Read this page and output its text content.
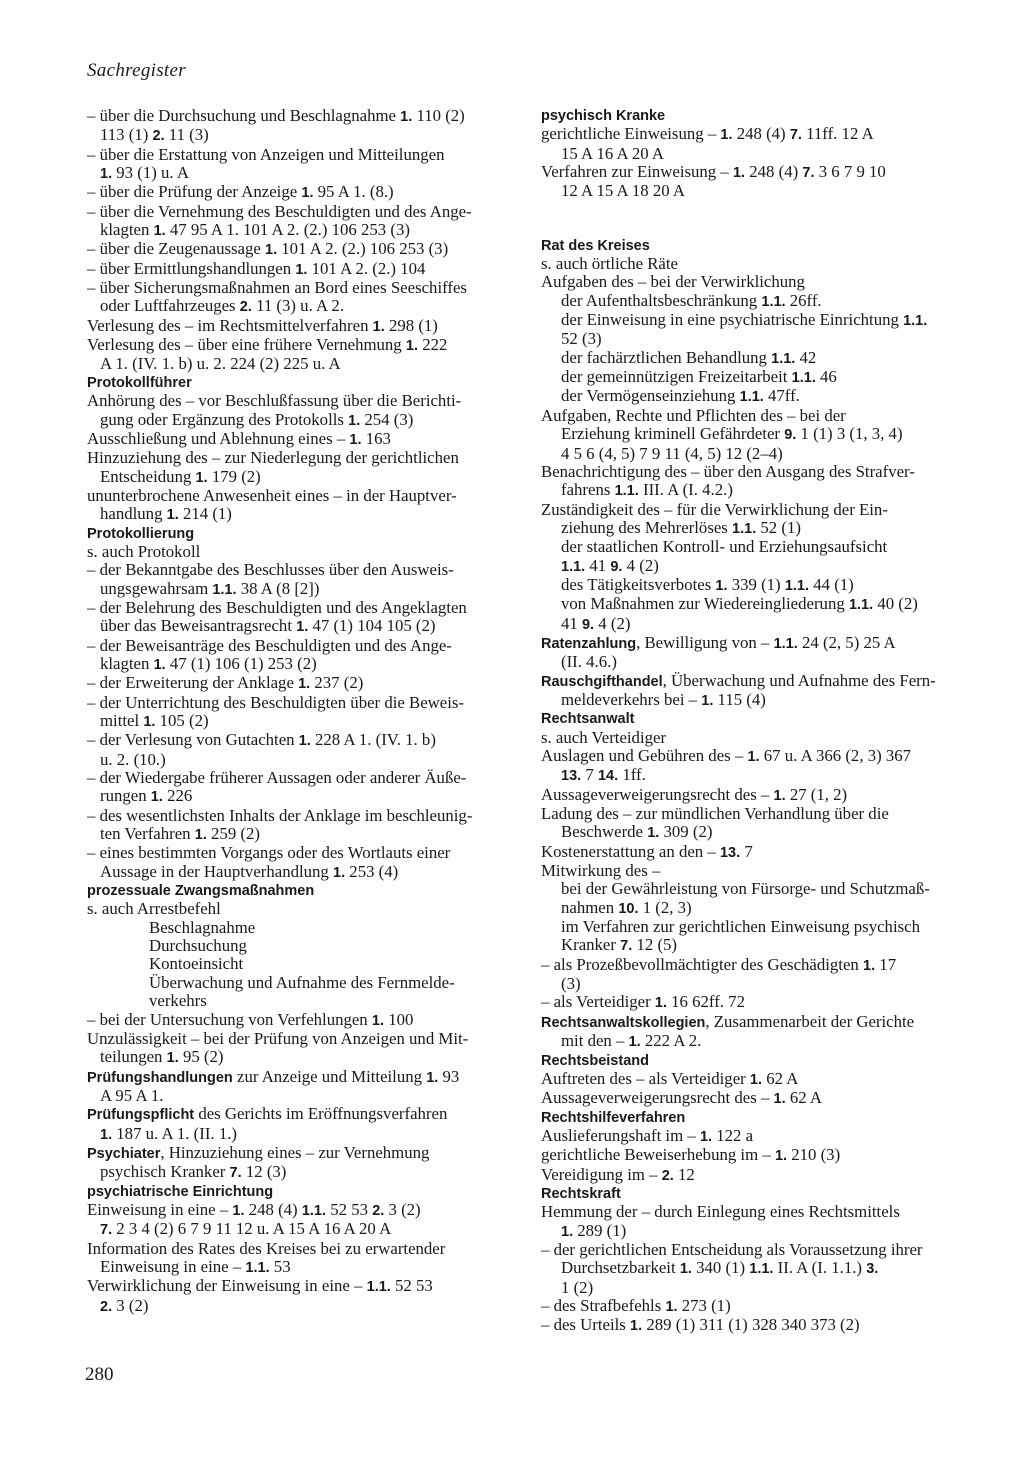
Sachregister
– über die Durchsuchung und Beschlagnahme 1. 110 (2)
113 (1) 2. 11 (3)
– über die Erstattung von Anzeigen und Mitteilungen
1. 93 (1) u. A
– über die Prüfung der Anzeige 1. 95 A 1. (8.)
– über die Vernehmung des Beschuldigten und des Ange-
klagten 1. 47 95 A 1. 101 A 2. (2.) 106 253 (3)
– über die Zeugenaussage 1. 101 A 2. (2.) 106 253 (3)
– über Ermittlungshandlungen 1. 101 A 2. (2.) 104
– über Sicherungsmaßnahmen an Bord eines Seeschiffes
oder Luftfahrzeuges 2. 11 (3) u. A 2.
Verlesung des – im Rechtsmittelverfahren 1. 298 (1)
Verlesung des – über eine frühere Vernehmung 1. 222
A 1. (IV. 1. b) u. 2. 224 (2) 225 u. A
Protokollführer
Anhörung des – vor Beschlußfassung über die Berichti-
gung oder Ergänzung des Protokolls 1. 254 (3)
Ausschließung und Ablehnung eines – 1. 163
Hinzuziehung des – zur Niederlegung der gerichtlichen
Entscheidung 1. 179 (2)
ununterbrochene Anwesenheit eines – in der Hauptver-
handlung 1. 214 (1)
Protokollierung
s. auch Protokoll
– der Bekanntgabe des Beschlusses über den Ausweis-
ungsgewahrsam 1.1. 38 A (8 [2])
– der Belehrung des Beschuldigten und des Angeklagten
über das Beweisantragsrecht 1. 47 (1) 104 105 (2)
– der Beweisanträge des Beschuldigten und des Ange-
klagten 1. 47 (1) 106 (1) 253 (2)
– der Erweiterung der Anklage 1. 237 (2)
– der Unterrichtung des Beschuldigten über die Beweis-
mittel 1. 105 (2)
– der Verlesung von Gutachten 1. 228 A 1. (IV. 1. b)
u. 2. (10.)
– der Wiedergabe früherer Aussagen oder anderer Äuße-
rungen 1. 226
– des wesentlichsten Inhalts der Anklage im beschleunig-
ten Verfahren 1. 259 (2)
– eines bestimmten Vorgangs oder des Wortlauts einer
Aussage in der Hauptverhandlung 1. 253 (4)
prozessuale Zwangsmaßnahmen
s. auch Arrestbefehl
Beschlagnahme
Durchsuchung
Kontoeinsicht
Überwachung und Aufnahme des Fernmelde-
verkehrs
– bei der Untersuchung von Verfehlungen 1. 100
Unzulässigkeit – bei der Prüfung von Anzeigen und Mit-
teilungen 1. 95 (2)
Prüfungshandlungen zur Anzeige und Mitteilung 1. 93
A 95 A 1.
Prüfungspflicht des Gerichts im Eröffnungsverfahren
1. 187 u. A 1. (II. 1.)
Psychiater, Hinzuziehung eines – zur Vernehmung
psychisch Kranker 7. 12 (3)
psychiatrische Einrichtung
Einweisung in eine – 1. 248 (4) 1.1. 52 53 2. 3 (2)
7. 2 3 4 (2) 6 7 9 11 12 u. A 15 A 16 A 20 A
Information des Rates des Kreises bei zu erwartender
Einweisung in eine – 1.1. 53
Verwirklichung der Einweisung in eine – 1.1. 52 53
2. 3 (2)
psychisch Kranke
gerichtliche Einweisung – 1. 248 (4) 7. 11ff. 12 A
15 A 16 A 20 A
Verfahren zur Einweisung – 1. 248 (4) 7. 3 6 7 9 10
12 A 15 A 18 20 A
Rat des Kreises
s. auch örtliche Räte
Aufgaben des – bei der Verwirklichung
der Aufenthaltsbeschränkung 1.1. 26ff.
der Einweisung in eine psychiatrische Einrichtung 1.1.
52 (3)
der fachärztlichen Behandlung 1.1. 42
der gemeinnützigen Freizeitarbeit 1.1. 46
der Vermögenseinziehung 1.1. 47ff.
Aufgaben, Rechte und Pflichten des – bei der
Erziehung kriminell Gefährdeter 9. 1 (1) 3 (1, 3, 4)
4 5 6 (4, 5) 7 9 11 (4, 5) 12 (2–4)
Benachrichtigung des – über den Ausgang des Strafver-
fahrens 1.1. III. A (I. 4.2.)
Zuständigkeit des – für die Verwirklichung der Ein-
ziehung des Mehrerlöses 1.1. 52 (1)
der staatlichen Kontroll- und Erziehungsaufsicht
1.1. 41 9. 4 (2)
des Tätigkeitsverbotes 1. 339 (1) 1.1. 44 (1)
von Maßnahmen zur Wiedereingliederung 1.1. 40 (2)
41 9. 4 (2)
Ratenzahlung, Bewilligung von – 1.1. 24 (2, 5) 25 A
(II. 4.6.)
Rauschgifthandel, Überwachung und Aufnahme des Fern-
meldeverkehrs bei – 1. 115 (4)
Rechtsanwalt
s. auch Verteidiger
Auslagen und Gebühren des – 1. 67 u. A 366 (2, 3) 367
13. 7 14. 1ff.
Aussageverweigerungsrecht des – 1. 27 (1, 2)
Ladung des – zur mündlichen Verhandlung über die
Beschwerde 1. 309 (2)
Kostenerstattung an den – 13. 7
Mitwirkung des –
bei der Gewährleistung von Fürsorge- und Schutzmaß-
nahmen 10. 1 (2, 3)
im Verfahren zur gerichtlichen Einweisung psychisch
Kranker 7. 12 (5)
– als Prozeßbevollmächtigter des Geschädigten 1. 17
(3)
– als Verteidiger 1. 16 62ff. 72
Rechtsanwaltskollegien, Zusammenarbeit der Gerichte
mit den – 1. 222 A 2.
Rechtsbeistand
Auftreten des – als Verteidiger 1. 62 A
Aussageverweigerungsrecht des – 1. 62 A
Rechtshilfeverfahren
Auslieferungshaft im – 1. 122 a
gerichtliche Beweiserhebung im – 1. 210 (3)
Vereidigung im – 2. 12
Rechtskraft
Hemmung der – durch Einlegung eines Rechtsmittels
1. 289 (1)
– der gerichtlichen Entscheidung als Voraussetzung ihrer
Durchsetzbarkeit 1. 340 (1) 1.1. II. A (I. 1.1.) 3.
1 (2)
– des Strafbefehls 1. 273 (1)
– des Urteils 1. 289 (1) 311 (1) 328 340 373 (2)
280
